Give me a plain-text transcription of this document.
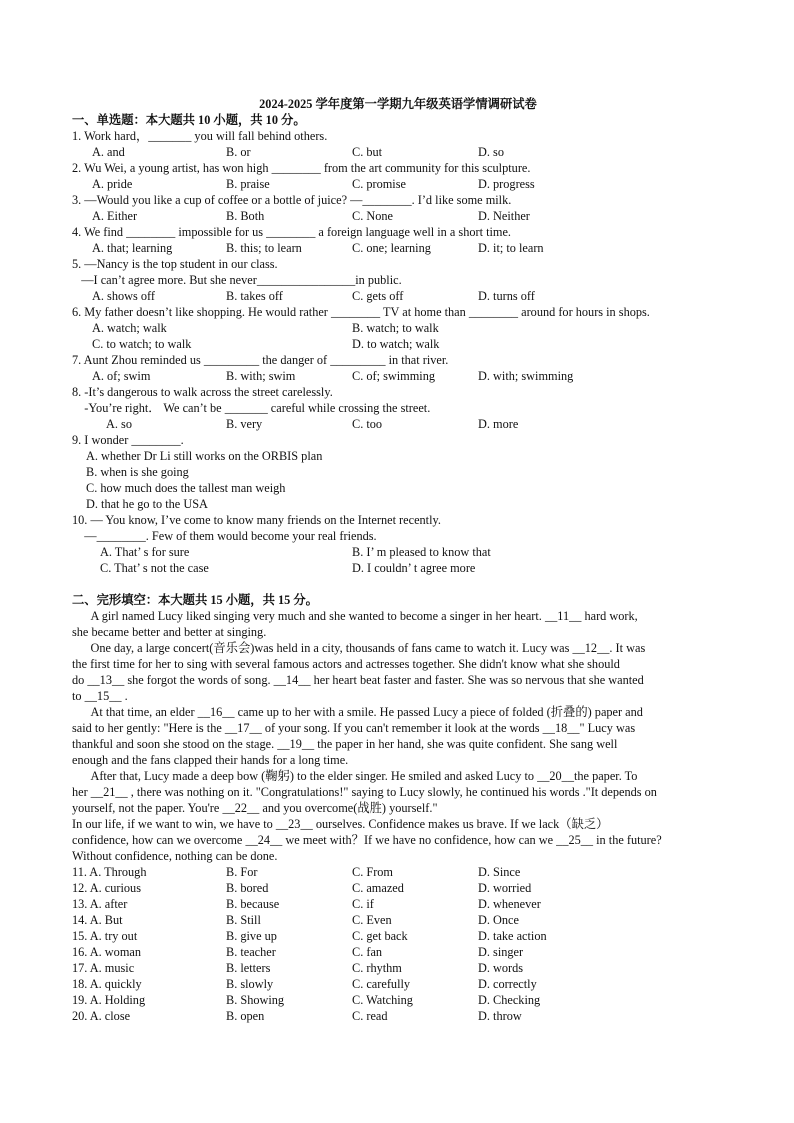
2024-2025 学年度第一学期九年级英语学情调研试卷
一、单选题：本大题共 10 小题，共 10 分。
1. Work hard，_______ you will fall behind others.
A. and	B. or	C. but	D. so
2. Wu Wei, a young artist, has won high ________ from the art community for this sculpture.
A. pride	B. praise	C. promise	D. progress
3. —Would you like a cup of coffee or a bottle of juice? —________. I’d like some milk.
A. Either	B. Both	C. None	D. Neither
4. We find ________ impossible for us ________ a foreign language well in a short time.
A. that; learning	B. this; to learn	C. one; learning	D. it; to learn
5. —Nancy is the top student in our class.
—I can’t agree more. But she never________________in public.
A. shows off	B. takes off	C. gets off	D. turns off
6. My father doesn’t like shopping. He would rather ________ TV at home than ________ around for hours in shops.
A. watch; walk	B. watch; to walk
C. to watch; to walk	D. to watch; walk
7. Aunt Zhou reminded us _________ the danger of _________ in that river.
A. of; swim	B. with; swim	C. of; swimming	D. with; swimming
8. -It’s dangerous to walk across the street carelessly.
-You’re right． We can’t be _______ careful while crossing the street.
A. so	B. very	C. too	D. more
9. I wonder ________.
A. whether Dr Li still works on the ORBIS plan
B. when is she going
C. how much does the tallest man weigh
D. that he go to the USA
10. — You know, I’ve come to know many friends on the Internet recently.
—________. Few of them would become your real friends.
A. That’ s for sure	B. I’ m pleased to know that
C. That’ s not the case	D. I couldn’ t agree more
二、完形填空：本大题共 15 小题，共 15 分。
A girl named Lucy liked singing very much and she wanted to become a singer in her heart. __11__ hard work,
she became better and better at singing.
One day, a large concert(音乐会)was held in a city, thousands of fans came to watch it. Lucy was __12__. It was
the first time for her to sing with several famous actors and actresses together. She didn't know what she should
do __13__ she forgot the words of song. __14__ her heart beat faster and faster. She was so nervous that she wanted
to __15__ .
At that time, an elder __16__ came up to her with a smile. He passed Lucy a piece of folded (折叠的) paper and
said to her gently: "Here is the __17__ of your song. If you can't remember it look at the words __18__" Lucy was
thankful and soon she stood on the stage. __19__ the paper in her hand, she was quite confident. She sang well
enough and the fans clapped their hands for a long time.
After that, Lucy made a deep bow (鞠躬) to the elder singer. He smiled and asked Lucy to __20__the paper. To
her __21__ , there was nothing on it. "Congratulations!" saying to Lucy slowly, he continued his words ."It depends on
yourself, not the paper. You're __22__ and you overcome(战胜) yourself."
In our life, if we want to win, we have to __23__ ourselves. Confidence makes us brave. If we lack（缺乏）
confidence, how can we overcome __24__ we meet with？If we have no confidence, how can we __25__ in the future?
Without confidence, nothing can be done.
11. A. Through	B. For	C. From	D. Since
12. A. curious	B. bored	C. amazed	D. worried
13. A. after	B. because	C. if	D. whenever
14. A. But	B. Still	C. Even	D. Once
15. A. try out	B. give up	C. get back	D. take action
16. A. woman	B. teacher	C. fan	D. singer
17. A. music	B. letters	C. rhythm	D. words
18. A. quickly	B. slowly	C. carefully	D. correctly
19. A. Holding	B. Showing	C. Watching	D. Checking
20. A. close	B. open	C. read	D. throw
